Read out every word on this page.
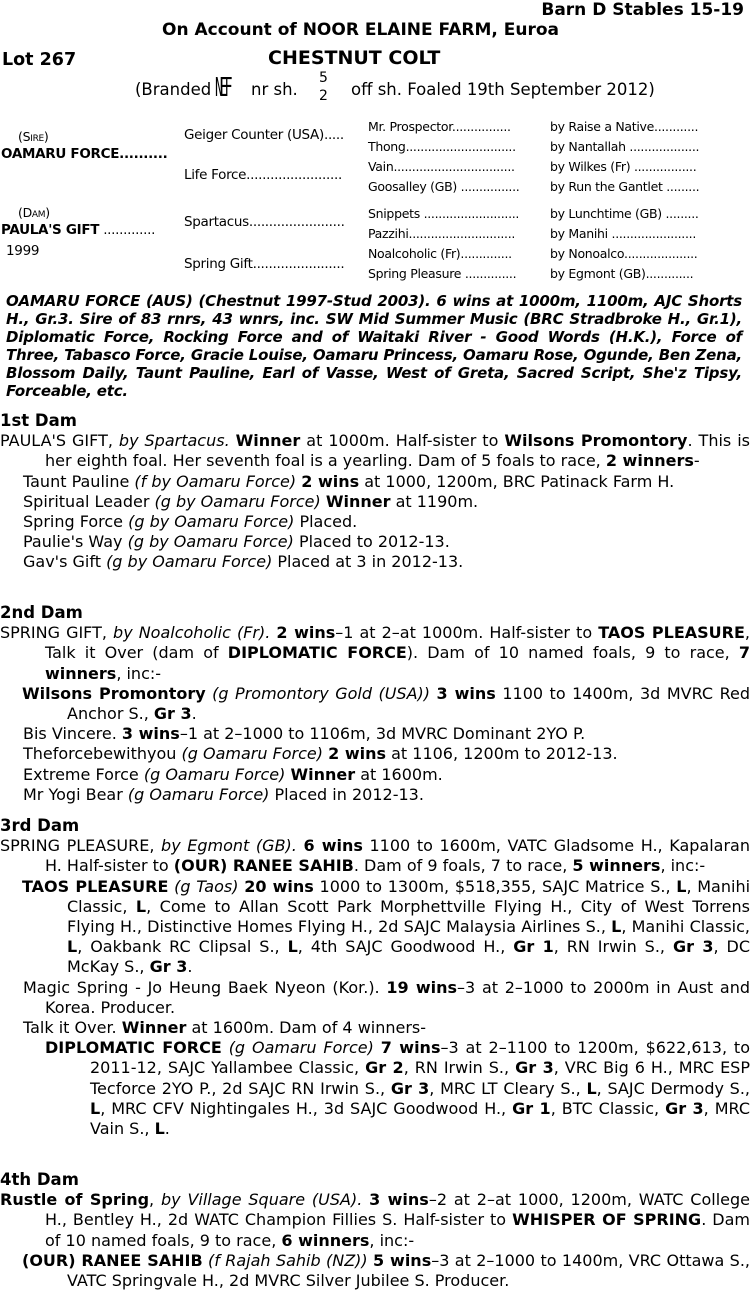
Barn D Stables 15-19
On Account of NOOR ELAINE FARM, Euroa
Lot 267	CHESTNUT COLT
(Branded NEF nr sh.
5
2 off sh. Foaled 19th September 2012)
(Sire)
OAMARU FORCE..........
(Dam)
PAULA'S GIFT .............
1999
Geiger Counter (USA).....
Life Force........................
Spartacus........................
Spring Gift.......................
Mr. Prospector................
Thong..............................
Vain.................................
Goosalley (GB) ................
Snippets ..........................
Pazzihi.............................
Noalcoholic (Fr)..............
Spring Pleasure ..............
by Raise a Native............
by Nantallah ...................
by Wilkes (Fr) .................
by Run the Gantlet .........
by Lunchtime (GB) .........
by Manihi .......................
by Nonoalco....................
by Egmont (GB).............
OAMARU FORCE (AUS) (Chestnut 1997-Stud 2003). 6 wins at 1000m, 1100m, AJC Shorts H., Gr.3. Sire of 83 rnrs, 43 wnrs, inc. SW Mid Summer Music (BRC Stradbroke H., Gr.1), Diplomatic Force, Rocking Force and of Waitaki River - Good Words (H.K.), Force of Three, Tabasco Force, Gracie Louise, Oamaru Princess, Oamaru Rose, Ogunde, Ben Zena, Blossom Daily, Taunt Pauline, Earl of Vasse, West of Greta, Sacred Script, She'z Tipsy, Forceable, etc.
1st Dam

PAULA'S GIFT, by Spartacus. Winner at 1000m. Half-sister to Wilsons Promontory. This is her eighth foal. Her seventh foal is a yearling. Dam of 5 foals to race, 2 winners-

Taunt Pauline (f by Oamaru Force) 2 wins at 1000, 1200m, BRC Patinack Farm H.

Spiritual Leader (g by Oamaru Force) Winner at 1190m.

Spring Force (g by Oamaru Force) Placed.

Paulie's Way (g by Oamaru Force) Placed to 2012-13.

Gav's Gift (g by Oamaru Force) Placed at 3 in 2012-13.

2nd Dam

SPRING GIFT, by Noalcoholic (Fr). 2 wins–1 at 2–at 1000m. Half-sister to TAOS PLEASURE, Talk it Over (dam of DIPLOMATIC FORCE). Dam of 10 named foals, 9 to race, 7 winners, inc:-

Wilsons Promontory (g Promontory Gold (USA)) 3 wins 1100 to 1400m, 3d MVRC Red Anchor S., Gr 3.

Bis Vincere. 3 wins–1 at 2–1000 to 1106m, 3d MVRC Dominant 2YO P.

Theforcebewithyou (g Oamaru Force) 2 wins at 1106, 1200m to 2012-13.

Extreme Force (g Oamaru Force) Winner at 1600m.

Mr Yogi Bear (g Oamaru Force) Placed in 2012-13.

3rd Dam

SPRING PLEASURE, by Egmont (GB). 6 wins 1100 to 1600m, VATC Gladsome H., Kapalaran H. Half-sister to (OUR) RANEE SAHIB. Dam of 9 foals, 7 to race, 5 winners, inc:-

TAOS PLEASURE (g Taos) 20 wins 1000 to 1300m, $518,355, SAJC Matrice S., L, Manihi Classic, L, Come to Allan Scott Park Morphettville Flying H., City of West Torrens Flying H., Distinctive Homes Flying H., 2d SAJC Malaysia Airlines S., L, Manihi Classic, L, Oakbank RC Clipsal S., L, 4th SAJC Goodwood H., Gr 1, RN Irwin S., Gr 3, DC McKay S., Gr 3.

Magic Spring - Jo Heung Baek Nyeon (Kor.). 19 wins–3 at 2–1000 to 2000m in Aust and Korea. Producer.

Talk it Over. Winner at 1600m. Dam of 4 winners-

DIPLOMATIC FORCE (g Oamaru Force) 7 wins–3 at 2–1100 to 1200m, $622,613, to 2011-12, SAJC Yallambee Classic, Gr 2, RN Irwin S., Gr 3, VRC Big 6 H., MRC ESP Tecforce 2YO P., 2d SAJC RN Irwin S., Gr 3, MRC LT Cleary S., L, SAJC Dermody S., L, MRC CFV Nightingales H., 3d SAJC Goodwood H., Gr 1, BTC Classic, Gr 3, MRC Vain S., L.

4th Dam

Rustle of Spring, by Village Square (USA). 3 wins–2 at 2–at 1000, 1200m, WATC College H., Bentley H., 2d WATC Champion Fillies S. Half-sister to WHISPER OF SPRING. Dam of 10 named foals, 9 to race, 6 winners, inc:-

(OUR) RANEE SAHIB (f Rajah Sahib (NZ)) 5 wins–3 at 2–1000 to 1400m, VRC Ottawa S., VATC Springvale H., 2d MVRC Silver Jubilee S. Producer.
